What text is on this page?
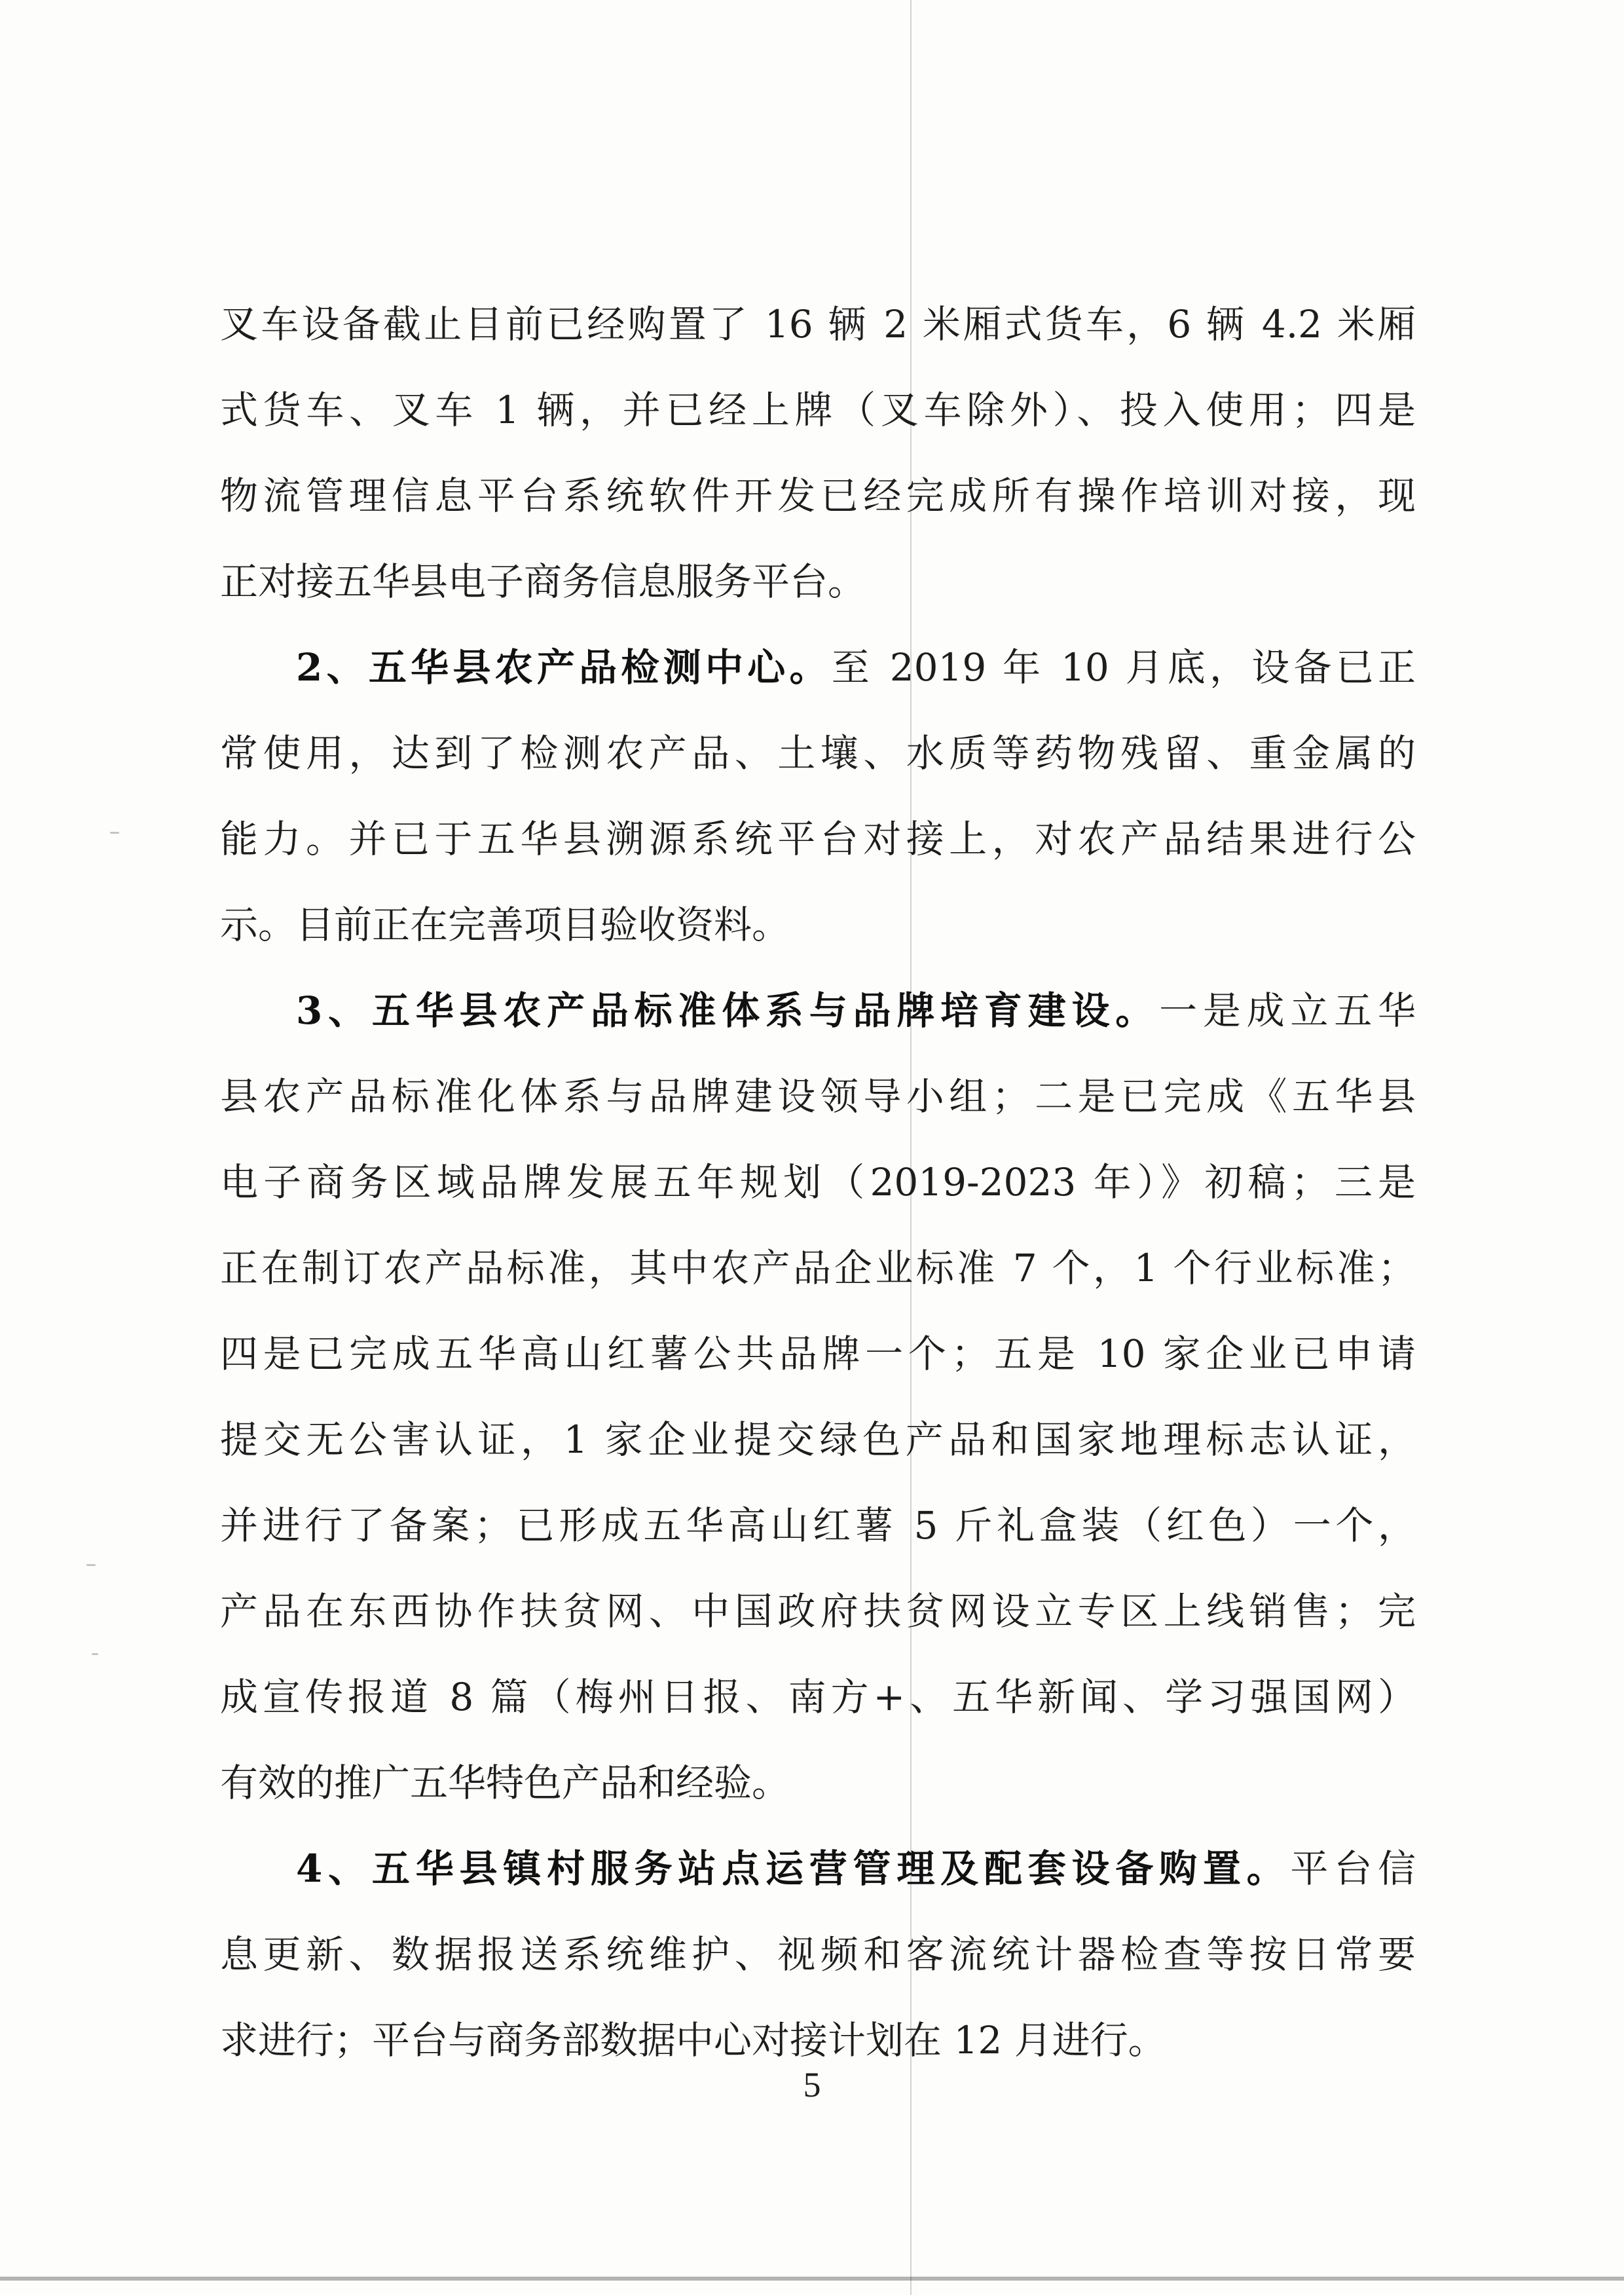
叉车设备截止目前已经购置了 16 辆 2 米厢式货车，6 辆 4.2 米厢
式货车、叉车 1 辆，并已经上牌（叉车除外）、投入使用；四是
物流管理信息平台系统软件开发已经完成所有操作培训对接，现
正对接五华县电子商务信息服务平台。
2、五华县农产品检测中心。至 2019 年 10 月底，设备已正
常使用，达到了检测农产品、土壤、水质等药物残留、重金属的
能力。并已于五华县溯源系统平台对接上，对农产品结果进行公
示。目前正在完善项目验收资料。
3、五华县农产品标准体系与品牌培育建设。一是成立五华
县农产品标准化体系与品牌建设领导小组；二是已完成《五华县
电子商务区域品牌发展五年规划（2019-2023 年）》初稿；三是
正在制订农产品标准，其中农产品企业标准 7 个，1 个行业标准；
四是已完成五华高山红薯公共品牌一个；五是 10 家企业已申请
提交无公害认证，1 家企业提交绿色产品和国家地理标志认证，
并进行了备案；已形成五华高山红薯 5 斤礼盒装（红色）一个，
产品在东西协作扶贫网、中国政府扶贫网设立专区上线销售；完
成宣传报道 8 篇（梅州日报、南方+、五华新闻、学习强国网）
有效的推广五华特色产品和经验。
4、五华县镇村服务站点运营管理及配套设备购置。平台信
息更新、数据报送系统维护、视频和客流统计器检查等按日常要
求进行；平台与商务部数据中心对接计划在 12 月进行。
5
